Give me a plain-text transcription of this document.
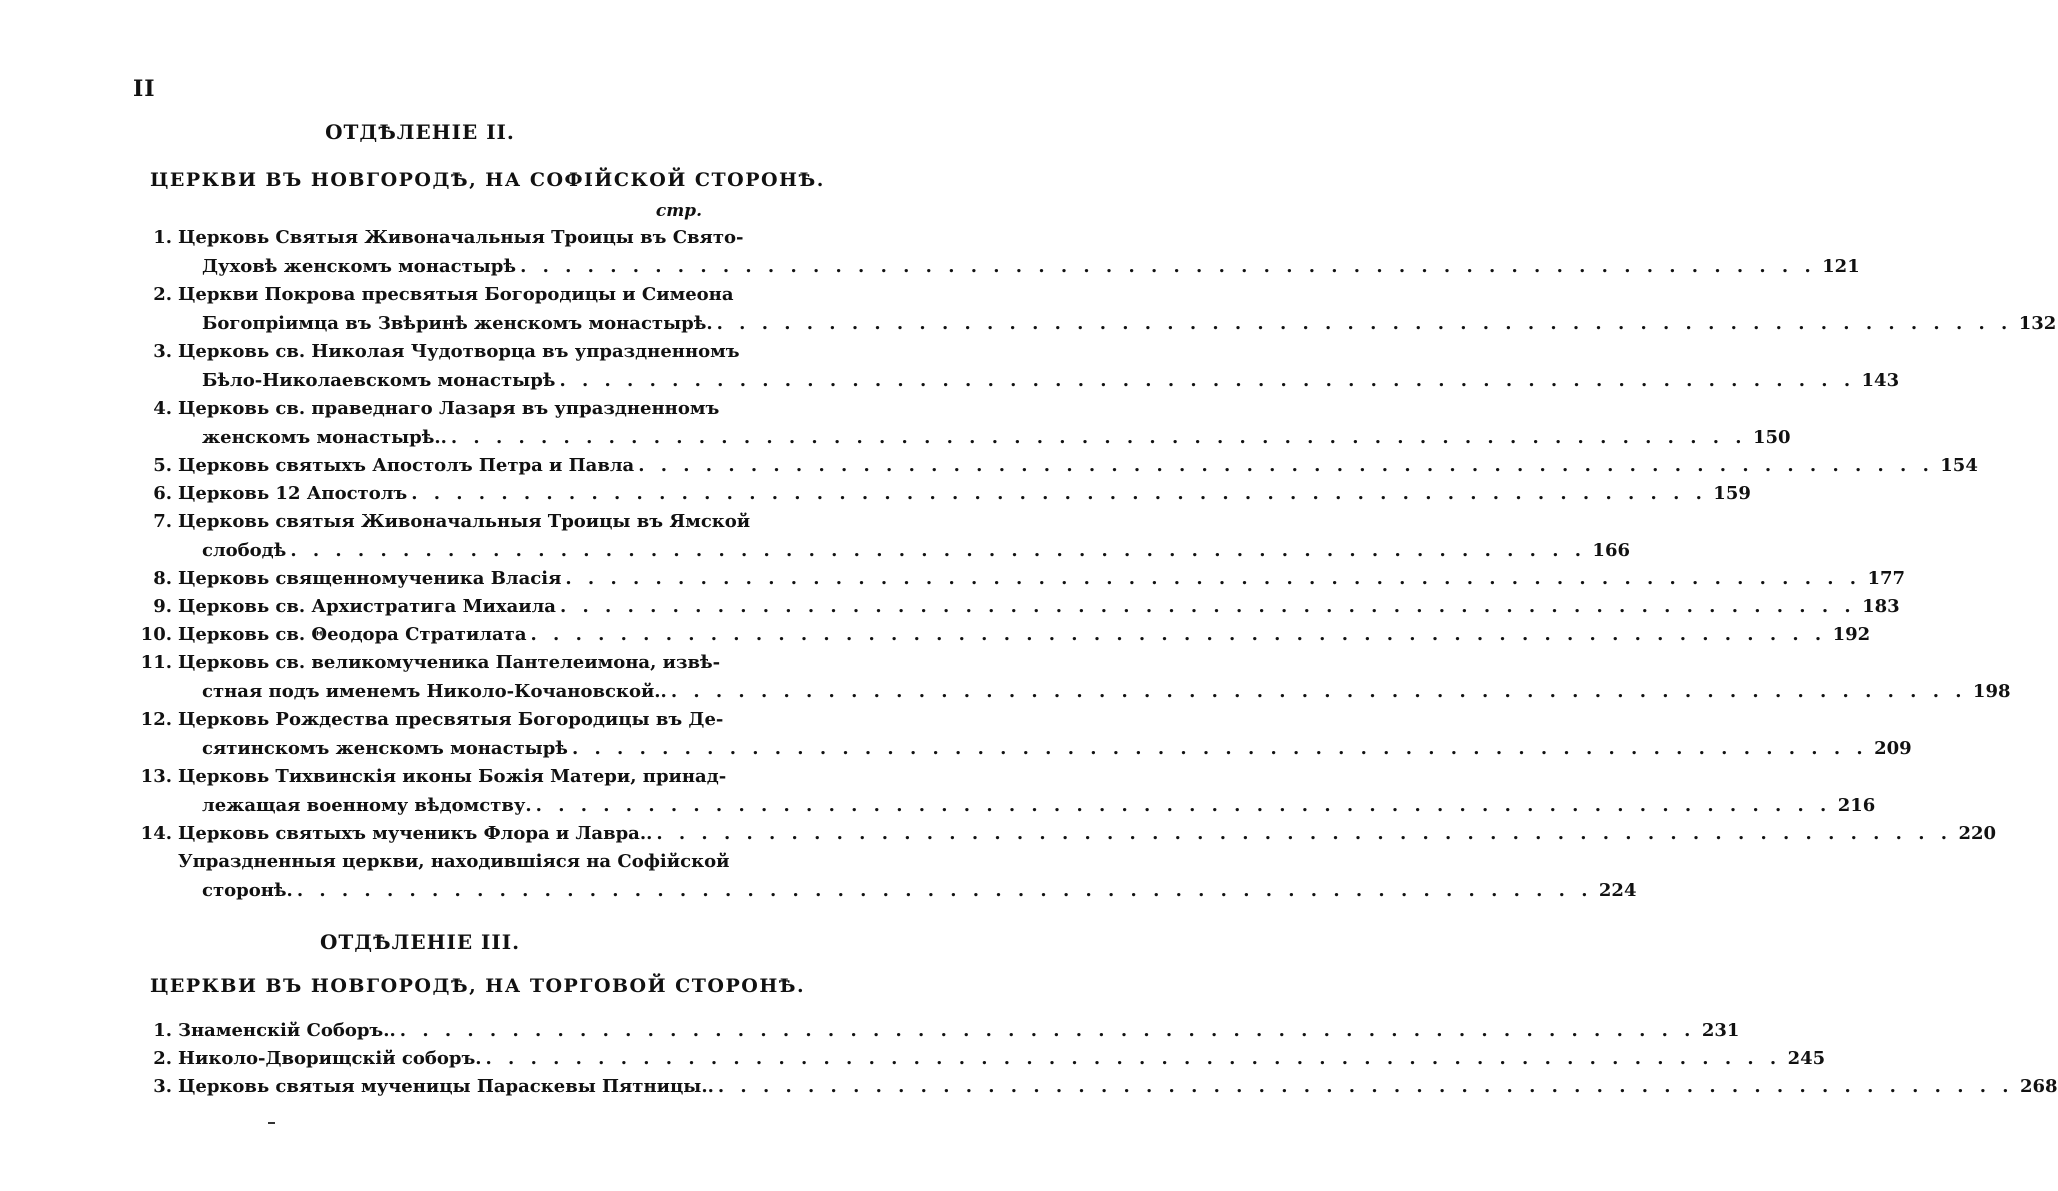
II
ОТДѢЛЕНІЕ II.
ЦЕРКВИ ВЪ НОВГОРОДѢ, НА СОФІЙСКОЙ СТОРОНѢ.
стр.
1. Церковь Святыя Живоначальныя Троицы въ Свято-
Духовѣ женскомъ монастырѣ . . .	121
2. Церкви Покрова пресвятыя Богородицы и Симеона
Богопріимца въ Звѣринѣ женскомъ монастырѣ. . . .	132
3. Церковь св. Николая Чудотворца въ упраздненномъ
Бѣло-Николаевскомъ монастырѣ . . .	143
4. Церковь св. праведнаго Лазаря въ упраздненномъ
женскомъ монастырѣ.. . . .	150
5. Церковь святыхъ Апостолъ Петра и Павла . . .	154
6. Церковь 12 Апостолъ . . .	159
7. Церковь святыя Живоначальныя Троицы въ Ямской
слободѣ . . .	166
8. Церковь священномученика Власія . . .	177
9. Церковь св. Архистратига Михаила . . .	183
10. Церковь св. Θеодора Стратилата . . .	192
11. Церковь св. великомученика Пантелеимона, извѣ-
стная подъ именемъ Николо-Кочановской.. . . .	198
12. Церковь Рождества пресвятыя Богородицы въ Де-
сятинскомъ женскомъ монастырѣ . . .	209
13. Церковь Тихвинскія иконы Божія Матери, принад-
лежащая военному вѣдомству. . . .	216
14. Церковь святыхъ мученикъ Флора и Лавра.. . . .	220
Упраздненныя церкви, находившіяся на Софійской
сторонѣ. . . .	224
ОТДѢЛЕНІЕ III.
ЦЕРКВИ ВЪ НОВГОРОДѢ, НА ТОРГОВОЙ СТОРОНѢ.
1. Знаменскій Соборъ.. . . .	231
2. Николо-Дворищскій соборъ. . . .	245
3. Церковь святыя мученицы Параскевы Пятницы.. . . .	268
